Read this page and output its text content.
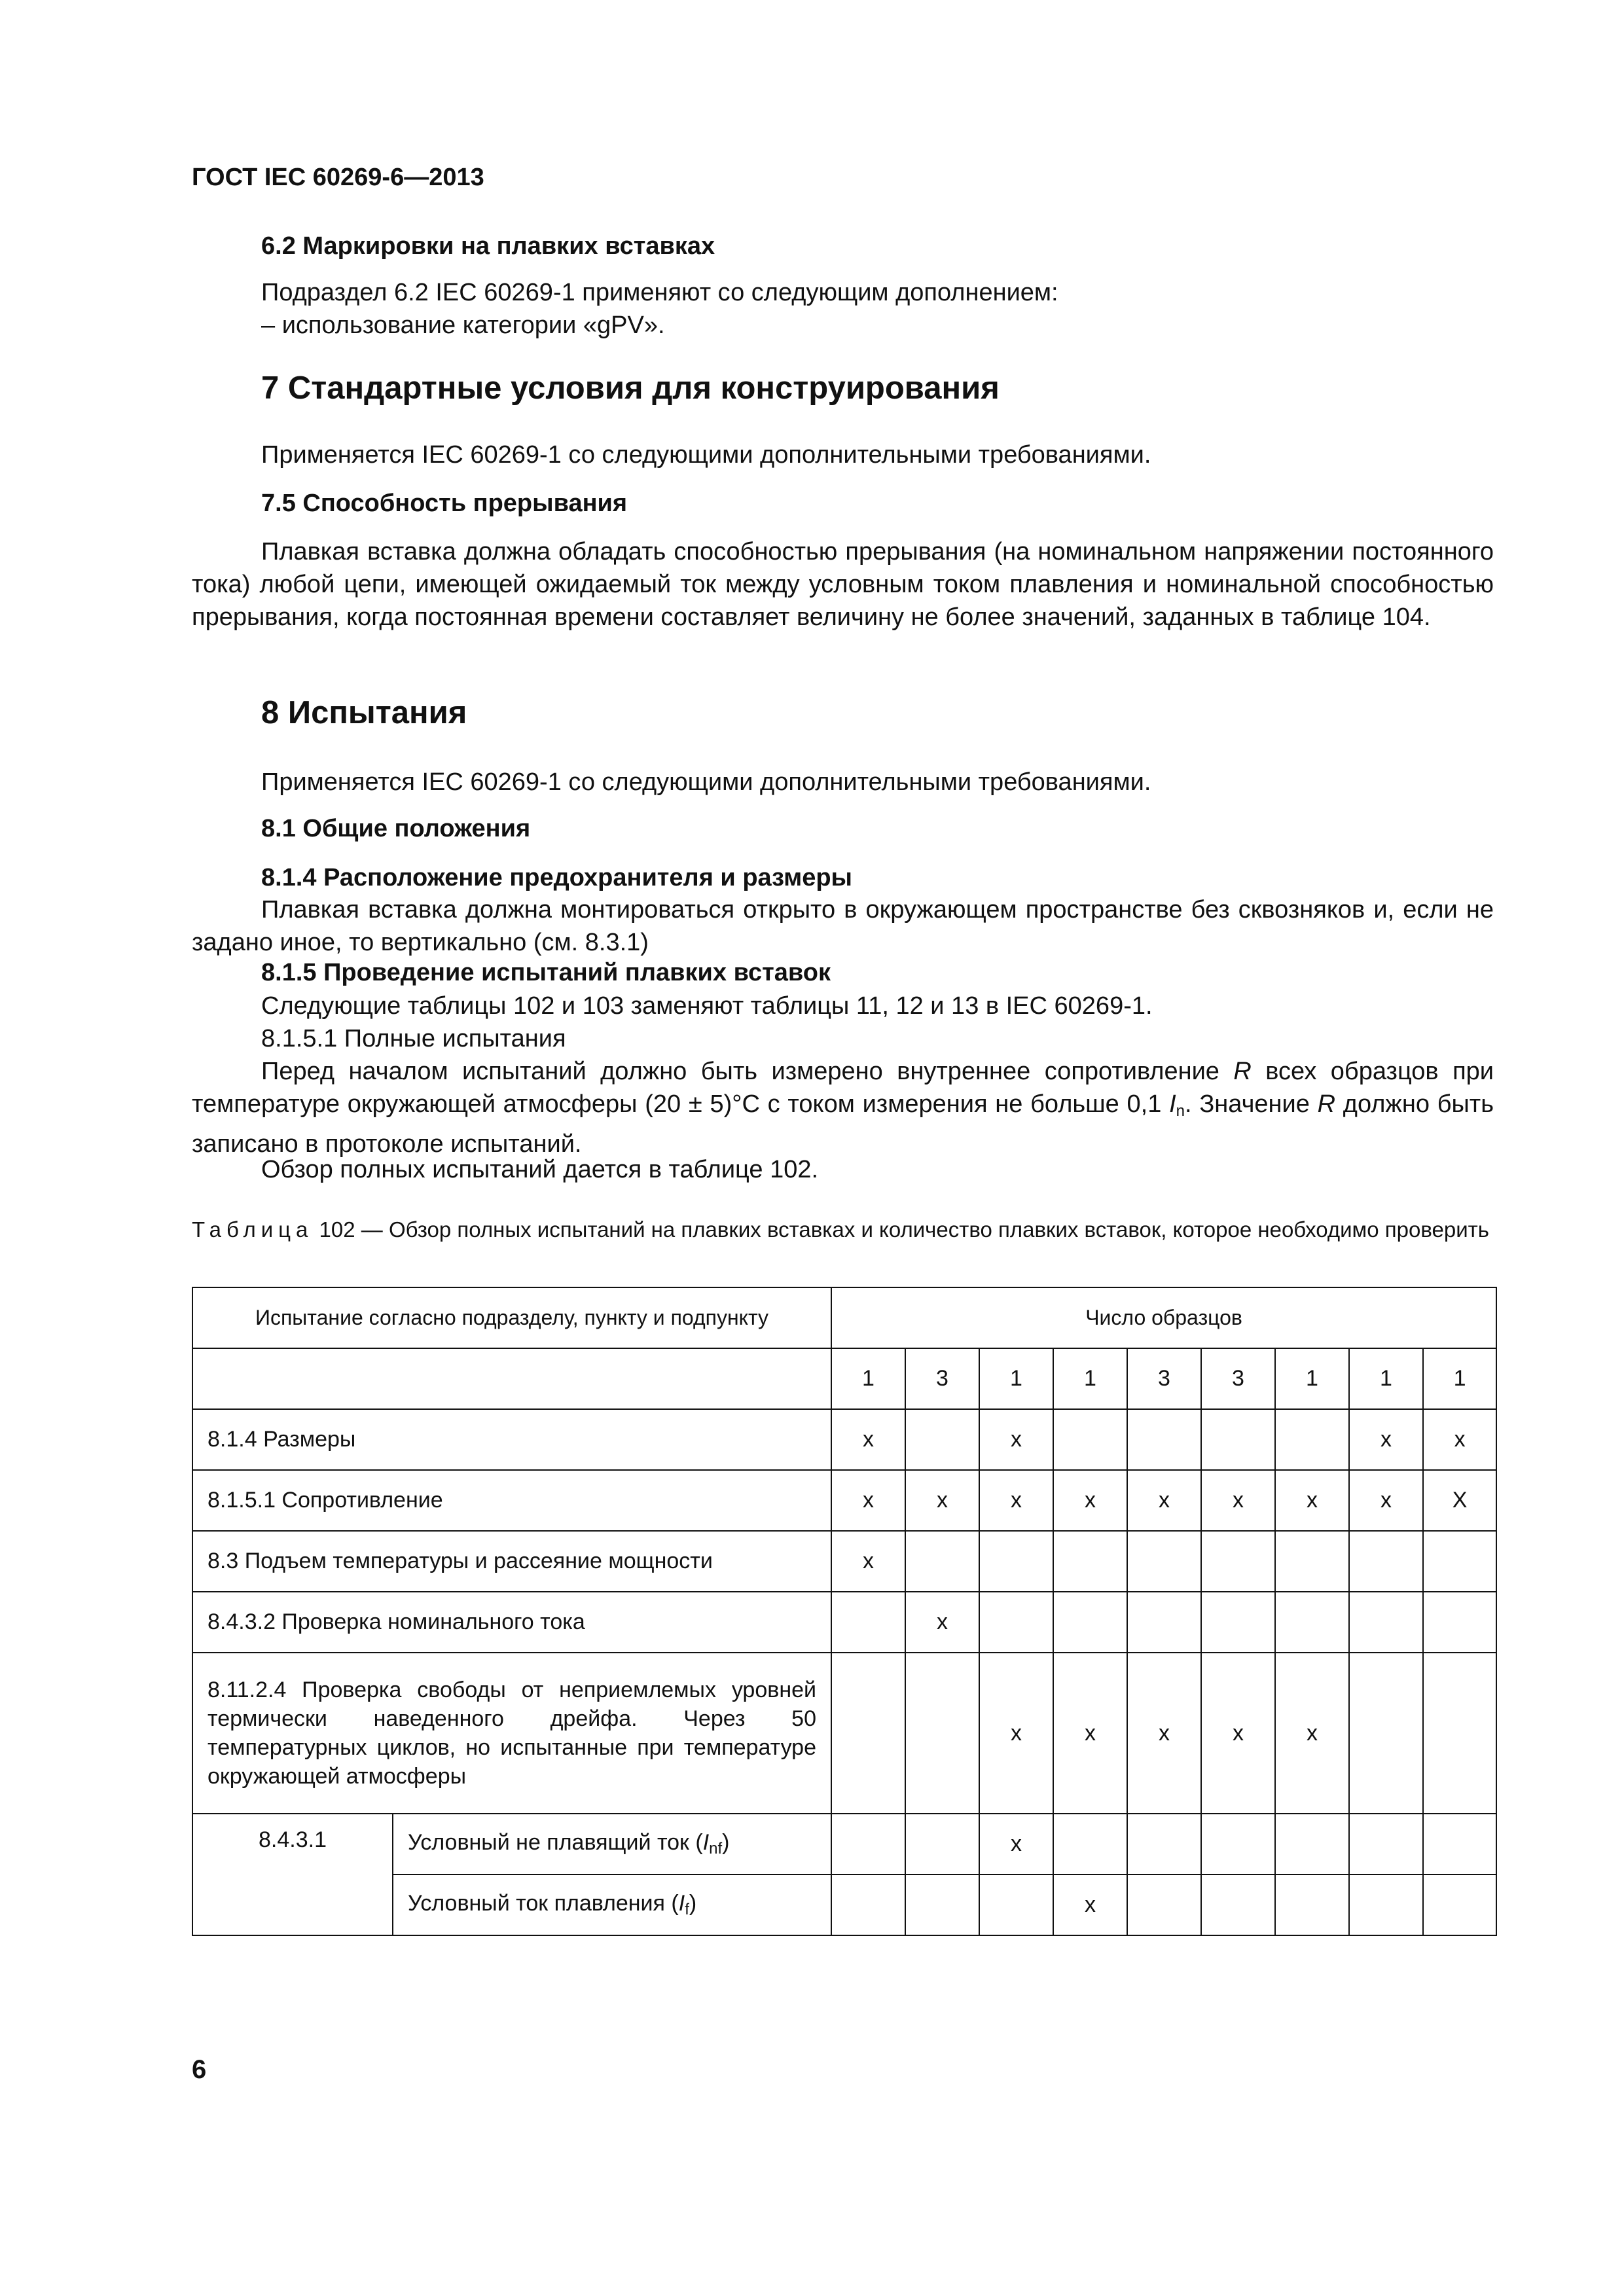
ГОСТ IEC 60269-6—2013
6.2 Маркировки на плавких вставках
Подраздел 6.2 IEC 60269-1 применяют со следующим дополнением:
– использование категории «gPV».
7 Стандартные условия для конструирования
Применяется IEC 60269-1 со следующими дополнительными требованиями.
7.5 Способность прерывания
Плавкая вставка должна обладать способностью прерывания (на номинальном напряжении постоянного тока) любой цепи, имеющей ожидаемый ток между условным током плавления и номинальной способностью прерывания, когда постоянная времени составляет величину не более значений, заданных в таблице 104.
8 Испытания
Применяется IEC 60269-1 со следующими дополнительными требованиями.
8.1 Общие положения
8.1.4 Расположение предохранителя и размеры
Плавкая вставка должна монтироваться открыто в окружающем пространстве без сквозняков и, если не задано иное, то вертикально (см. 8.3.1)
8.1.5 Проведение испытаний плавких вставок
Следующие таблицы 102 и 103 заменяют таблицы 11, 12 и 13 в IEC 60269-1.
8.1.5.1 Полные испытания
Перед началом испытаний должно быть измерено внутреннее сопротивление R всех образцов при температуре окружающей атмосферы (20 ± 5)°С с током измерения не больше 0,1 $I_n$. Значение R должно быть записано в протоколе испытаний.
Обзор полных испытаний дается в таблице 102.
Таблица 102 — Обзор полных испытаний на плавких вставках и количество плавких вставок, которое необходимо проверить
Испытание согласно подразделу, пункту и подпункту		Число образцов								
		1	3	1	1	3	3	1	1	1
8.1.4 Размеры		x		x					x	x
8.1.5.1 Сопротивление		x	x	x	x	x	x	x	x	X
8.3 Подъем температуры и рассеяние мощности		x								
8.4.3.2 Проверка номинального тока			x							
8.11.2.4 Проверка свободы от неприемлемых уровней термически наведенного дрейфа. Через 50 температурных циклов, но испытанные при температуре окружающей атмосферы				x	x	x	x	x		
8.4.3.1	Условный не плавящий ток $(I_{nf})$			x						
	Условный ток плавления $(I_f)$				x					
6
